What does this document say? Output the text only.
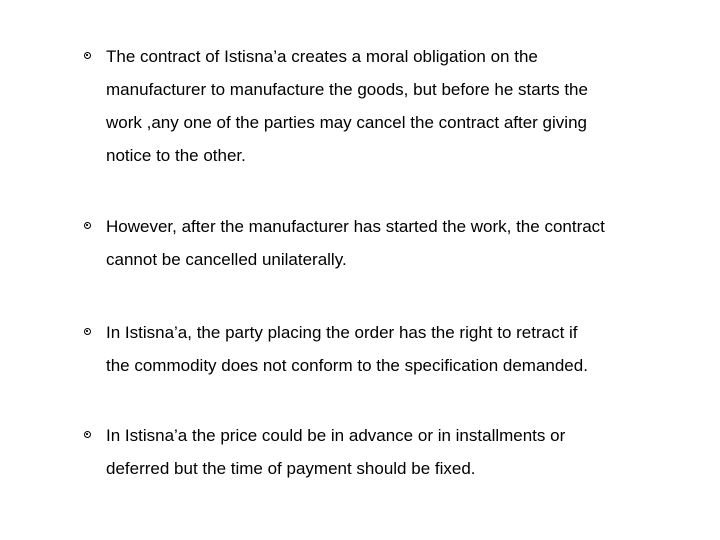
The contract of Istisna’a creates a moral obligation on the
manufacturer to manufacture the goods, but before he starts the
work ,any one of the parties may cancel the contract after giving
notice to the other.
However, after the manufacturer has started the work, the contract
cannot be cancelled unilaterally.
In Istisna’a, the party placing the order has the right to retract if
the commodity does not conform to the specification demanded.
In Istisna’a the price could be in advance or in installments or
deferred but the time of payment should be fixed.
